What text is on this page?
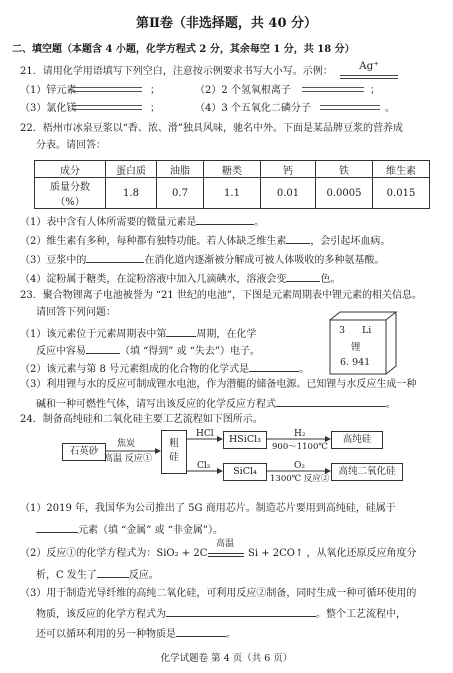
第Ⅱ卷（非选择题，共 40 分）
二、填空题（本题含 4 小题，化学方程式 2 分，其余每空 1 分，共 18 分）
21．请用化学用语填写下列空白，注意按示例要求书写大小写。示例：	Ag⁺
（1）锌元素	；	（2）2 个氢氧根离子	；
（3）氯化镁	；	（4）3 个五氧化二磷分子	。
22．梧州市冰泉豆浆以“香、浓、滑”独具风味，驰名中外。下面是某品牌豆浆的营养成
分表。请回答：
成分	蛋白质	油脂	糖类	钙	铁	维生素
质量分数（%）	1.8	0.7	1.1	0.01	0.0005	0.015
（1）表中含有人体所需要的微量元素是	。
（2）维生素有多种，每种都有独特功能。若人体缺乏维生素 ，会引起坏血病。
（3）豆浆中的	在消化道内逐渐被分解成可被人体吸收的多种氨基酸。
（4）淀粉属于糖类，在淀粉溶液中加入几滴碘水，溶液会变	色。
23．聚合物锂离子电池被誉为 “21 世纪的电池”，下图是元素周期表中锂元素的相关信息。
请回答下列问题：
（1）该元素位于元素周期表中第	周期，在化学
反应中容易	（填 “得到” 或 “失去”）电子。
（2）该元素与第 8 号元素组成的化合物的化学式是	。
3 Li
锂
6. 941
（3）利用锂与水的反应可制成锂水电池，作为潜艇的储备电源。已知锂与水反应生成一种
碱和一种可燃性气体，请写出该反应的化学反应方程式	。
24．制备高纯硅和二氧化硅主要工艺流程如下图所示。
石英砂
焦炭
高温 反应①
粗硅
HCl
Cl₂
HSiCl₃
SiCl₄
H₂
900～1100℃
O₂
1300℃ 反应②
高纯硅
高纯二氧化硅
（1）2019 年，我国华为公司推出了 5G 商用芯片。制造芯片要用到高纯硅，硅属于
元素（填 “金属” 或 “非金属”）。
（2）反应①的化学方程式为：SiO₂ + 2C
高温
Si + 2CO↑ ，从氧化还原反应角度分
析，C 发生了	反应。
（3）用于制造光导纤维的高纯二氧化硅，可利用反应②制备，同时生成一种可循环使用的
物质，该反应的化学方程式为	。整个工艺流程中，
还可以循环利用的另一种物质是	。
化学试题卷 第 4 页（共 6 页）
